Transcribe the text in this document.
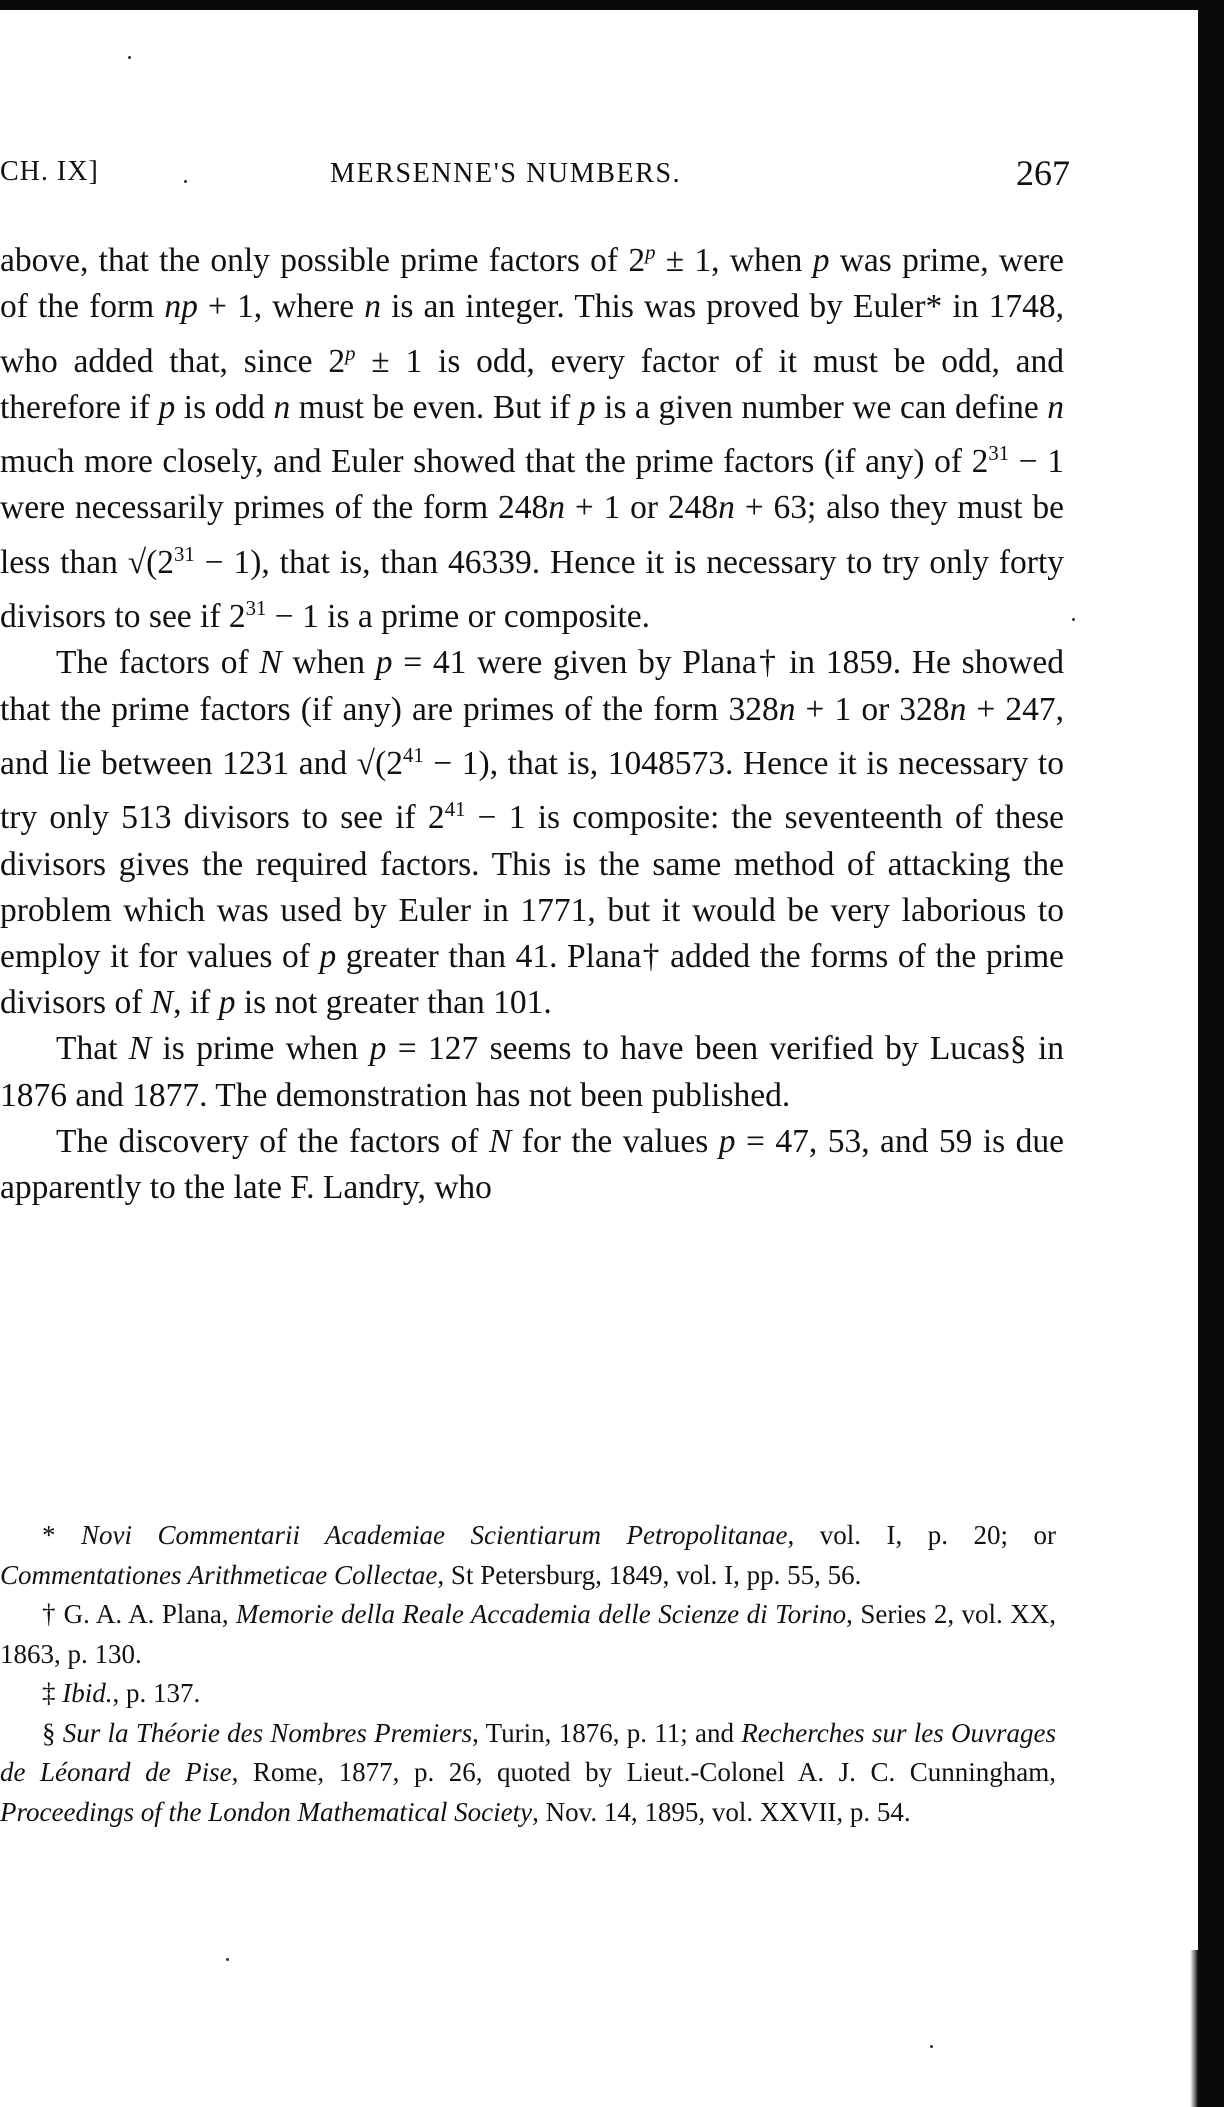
CH. IX]	MERSENNE'S NUMBERS.	267

above, that the only possible prime factors of $2^p \pm 1$, when p was prime, were of the form np + 1, where n is an integer. This was proved by Euler* in 1748, who added that, since $2^p \pm 1$ is odd, every factor of it must be odd, and therefore if p is odd n must be even. But if p is a given number we can define n much more closely, and Euler showed that the prime factors (if any) of $2^{31} - 1$ were necessarily primes of the form 248n + 1 or 248n + 63; also they must be less than $√(2^{31} - 1)$, that is, than 46339. Hence it is necessary to try only forty divisors to see if $2^{31} - 1$ is a prime or composite.

The factors of N when p = 41 were given by Plana† in 1859. He showed that the prime factors (if any) are primes of the form 328n + 1 or 328n + 247, and lie between 1231 and $√(2^{41} - 1)$, that is, 1048573. Hence it is necessary to try only 513 divisors to see if $2^{41} - 1$ is composite: the seventeenth of these divisors gives the required factors. This is the same method of attacking the problem which was used by Euler in 1771, but it would be very laborious to employ it for values of p greater than 41. Plana† added the forms of the prime divisors of N, if p is not greater than 101.

That N is prime when p = 127 seems to have been verified by Lucas§ in 1876 and 1877. The demonstration has not been published.

The discovery of the factors of N for the values p = 47, 53, and 59 is due apparently to the late F. Landry, who

* Novi Commentarii Academiae Scientiarum Petropolitanae, vol. I, p. 20; or Commentationes Arithmeticae Collectae, St Petersburg, 1849, vol. I, pp. 55, 56.

† G. A. A. Plana, Memorie della Reale Accademia delle Scienze di Torino, Series 2, vol. XX, 1863, p. 130.

‡ Ibid., p. 137.

§ Sur la Théorie des Nombres Premiers, Turin, 1876, p. 11; and Recherches sur les Ouvrages de Léonard de Pise, Rome, 1877, p. 26, quoted by Lieut.-Colonel A. J. C. Cunningham, Proceedings of the London Mathematical Society, Nov. 14, 1895, vol. XXVII, p. 54.
